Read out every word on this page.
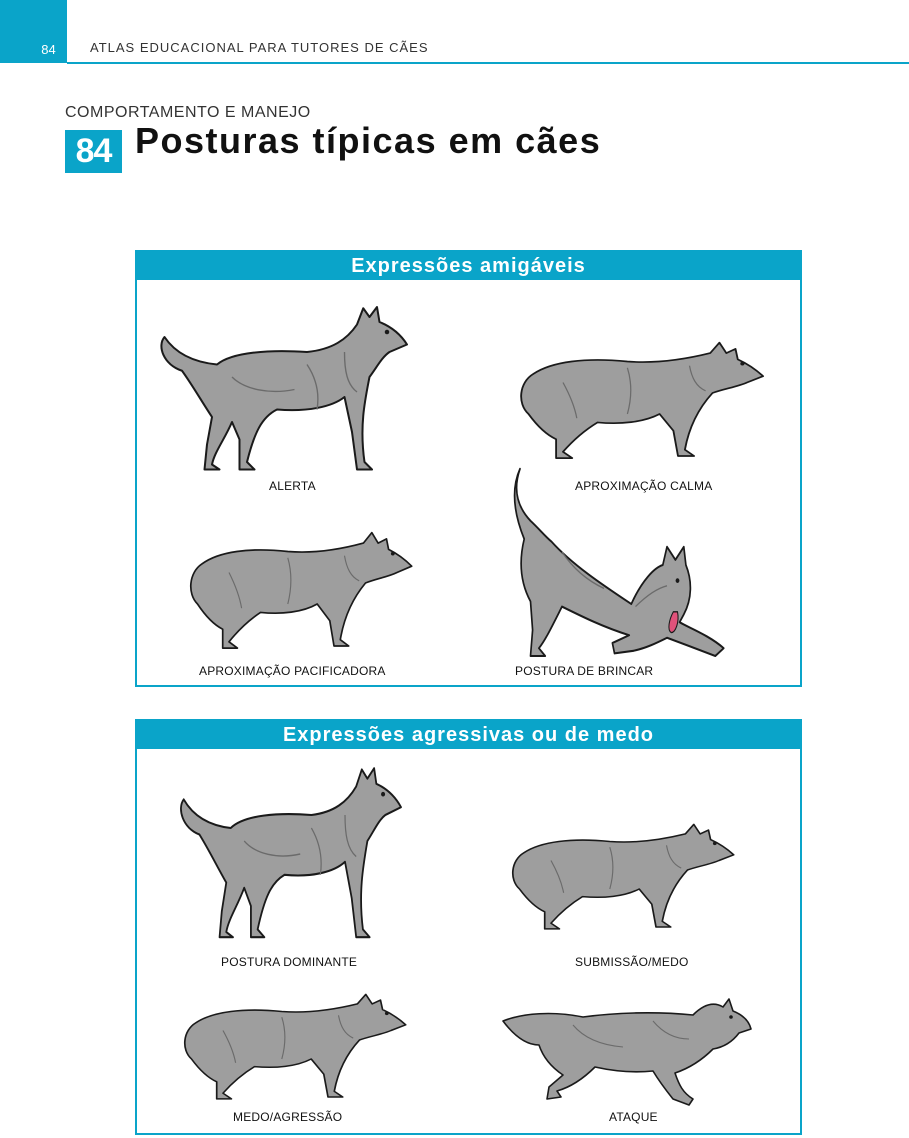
84	ATLAS EDUCACIONAL PARA TUTORES DE CÃES
COMPORTAMENTO E MANEJO
84 Posturas típicas em cães
Expressões amigáveis
ALERTA	APROXIMAÇÃO CALMA
APROXIMAÇÃO PACIFICADORA	POSTURA DE BRINCAR
Expressões agressivas ou de medo
POSTURA DOMINANTE	SUBMISSÃO/MEDO
MEDO/AGRESSÃO	ATAQUE
